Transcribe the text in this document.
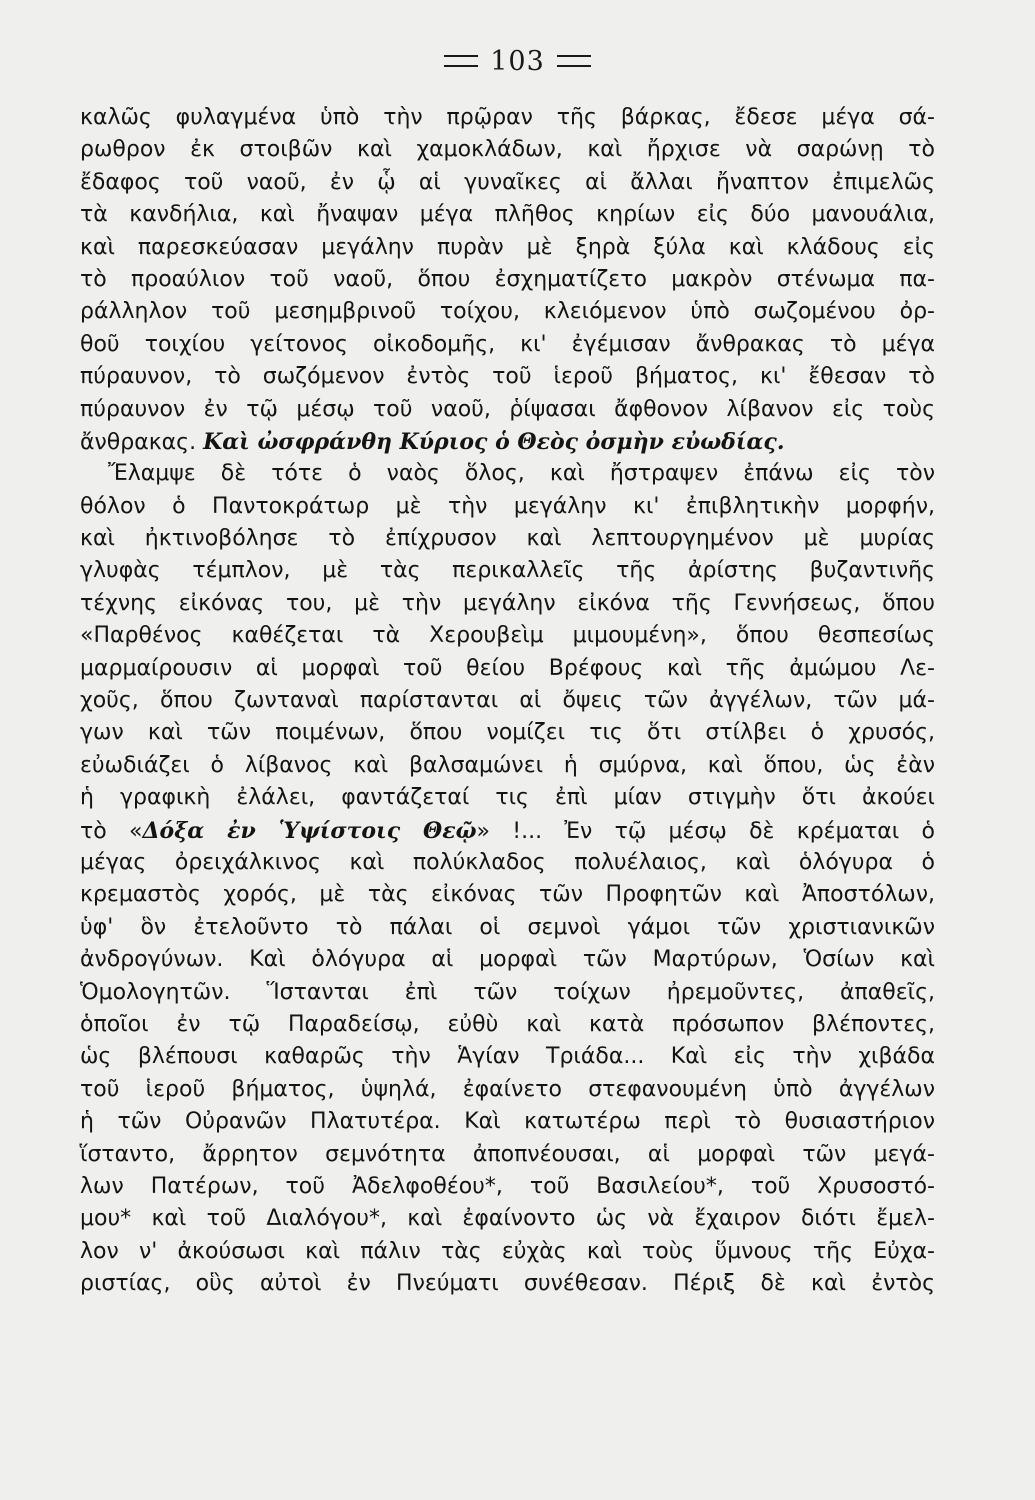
103
καλῶς φυλαγμένα ὑπὸ τὴν πρῷραν τῆς βάρκας, ἔδεσε μέγα σά-
ρωθρον ἐκ στοιβῶν καὶ χαμοκλάδων, καὶ ἤρχισε νὰ σαρώνῃ τὸ
ἔδαφος τοῦ ναοῦ, ἐν ᾧ αἱ γυναῖκες αἱ ἄλλαι ἤναπτον ἐπιμελῶς
τὰ κανδήλια, καὶ ἤναψαν μέγα πλῆθος κηρίων εἰς δύο μανουάλια,
καὶ παρεσκεύασαν μεγάλην πυρὰν μὲ ξηρὰ ξύλα καὶ κλάδους εἰς
τὸ προαύλιον τοῦ ναοῦ, ὅπου ἐσχηματίζετο μακρὸν στένωμα πα-
ράλληλον τοῦ μεσημβρινοῦ τοίχου, κλειόμενον ὑπὸ σωζομένου ὀρ-
θοῦ τοιχίου γείτονος οἰκοδομῆς, κι' ἐγέμισαν ἄνθρακας τὸ μέγα
πύραυνον, τὸ σωζόμενον ἐντὸς τοῦ ἱεροῦ βήματος, κι' ἔθεσαν τὸ
πύραυνον ἐν τῷ μέσῳ τοῦ ναοῦ, ῥίψασαι ἄφθονον λίβανον εἰς τοὺς
ἄνθρακας. Καὶ ὠσφράνθη Κύριος ὁ Θεὸς ὀσμὴν εὐωδίας.
Ἔλαμψε δὲ τότε ὁ ναὸς ὅλος, καὶ ἤστραψεν ἐπάνω εἰς τὸν
θόλον ὁ Παντοκράτωρ μὲ τὴν μεγάλην κι' ἐπιβλητικὴν μορφήν,
καὶ ἠκτινοβόλησε τὸ ἐπίχρυσον καὶ λεπτουργημένον μὲ μυρίας
γλυφὰς τέμπλον, μὲ τὰς περικαλλεῖς τῆς ἀρίστης βυζαντινῆς
τέχνης εἰκόνας του, μὲ τὴν μεγάλην εἰκόνα τῆς Γεννήσεως, ὅπου
«Παρθένος καθέζεται τὰ Χερουβεὶμ μιμουμένη», ὅπου θεσπεσίως
μαρμαίρουσιν αἱ μορφαὶ τοῦ θείου Βρέφους καὶ τῆς ἀμώμου Λε-
χοῦς, ὅπου ζωνταναὶ παρίστανται αἱ ὄψεις τῶν ἀγγέλων, τῶν μά-
γων καὶ τῶν ποιμένων, ὅπου νομίζει τις ὅτι στίλβει ὁ χρυσός,
εὐωδιάζει ὁ λίβανος καὶ βαλσαμώνει ἡ σμύρνα, καὶ ὅπου, ὡς ἐὰν
ἡ γραφικὴ ἐλάλει, φαντάζεταί τις ἐπὶ μίαν στιγμὴν ὅτι ἀκούει
τὸ «Δόξα ἐν Ὑψίστοις Θεῷ» !... Ἐν τῷ μέσῳ δὲ κρέμαται ὁ
μέγας ὀρειχάλκινος καὶ πολύκλαδος πολυέλαιος, καὶ ὁλόγυρα ὁ
κρεμαστὸς χορός, μὲ τὰς εἰκόνας τῶν Προφητῶν καὶ Ἀποστόλων,
ὑφ' ὃν ἐτελοῦντο τὸ πάλαι οἱ σεμνοὶ γάμοι τῶν χριστιανικῶν
ἀνδρογύνων. Καὶ ὁλόγυρα αἱ μορφαὶ τῶν Μαρτύρων, Ὁσίων καὶ
Ὁμολογητῶν. Ἵστανται ἐπὶ τῶν τοίχων ἠρεμοῦντες, ἀπαθεῖς,
ὁποῖοι ἐν τῷ Παραδείσῳ, εὐθὺ καὶ κατὰ πρόσωπον βλέποντες,
ὡς βλέπουσι καθαρῶς τὴν Ἁγίαν Τριάδα... Καὶ εἰς τὴν χιβάδα
τοῦ ἱεροῦ βήματος, ὑψηλά, ἐφαίνετο στεφανουμένη ὑπὸ ἀγγέλων
ἡ τῶν Οὐρανῶν Πλατυτέρα. Καὶ κατωτέρω περὶ τὸ θυσιαστήριον
ἵσταντο, ἄρρητον σεμνότητα ἀποπνέουσαι, αἱ μορφαὶ τῶν μεγά-
λων Πατέρων, τοῦ Ἀδελφοθέου*, τοῦ Βασιλείου*, τοῦ Χρυσοστό-
μου* καὶ τοῦ Διαλόγου*, καὶ ἐφαίνοντο ὡς νὰ ἔχαιρον διότι ἔμελ-
λον ν' ἀκούσωσι καὶ πάλιν τὰς εὐχὰς καὶ τοὺς ὕμνους τῆς Εὐχα-
ριστίας, οὓς αὐτοὶ ἐν Πνεύματι συνέθεσαν. Πέριξ δὲ καὶ ἐντὸς
